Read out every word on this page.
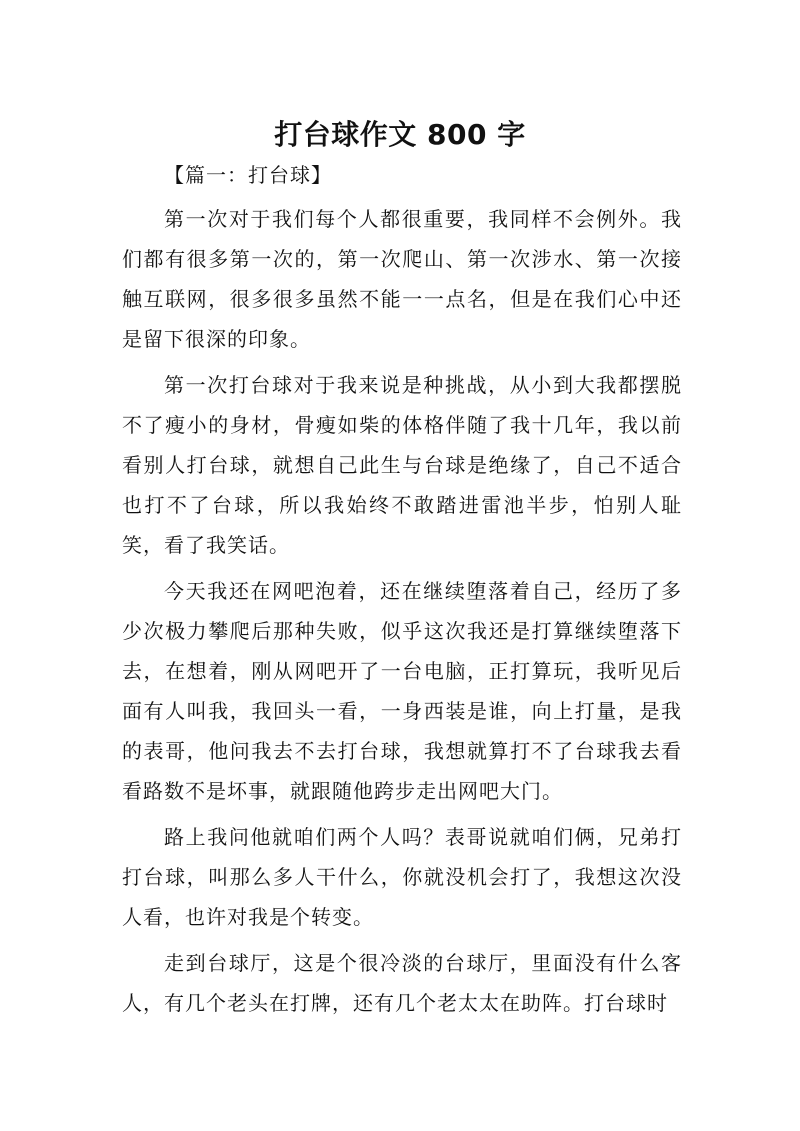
打台球作文 800 字

【篇一：打台球】

第一次对于我们每个人都很重要，我同样不会例外。我们都有很多第一次的，第一次爬山、第一次涉水、第一次接触互联网，很多很多虽然不能一一点名，但是在我们心中还是留下很深的印象。

第一次打台球对于我来说是种挑战，从小到大我都摆脱不了瘦小的身材，骨瘦如柴的体格伴随了我十几年，我以前看别人打台球，就想自己此生与台球是绝缘了，自己不适合也打不了台球，所以我始终不敢踏进雷池半步，怕别人耻笑，看了我笑话。

今天我还在网吧泡着，还在继续堕落着自己，经历了多少次极力攀爬后那种失败，似乎这次我还是打算继续堕落下去，在想着，刚从网吧开了一台电脑，正打算玩，我听见后面有人叫我，我回头一看，一身西装是谁，向上打量，是我的表哥，他问我去不去打台球，我想就算打不了台球我去看看路数不是坏事，就跟随他跨步走出网吧大门。

路上我问他就咱们两个人吗？表哥说就咱们俩，兄弟打打台球，叫那么多人干什么，你就没机会打了，我想这次没人看，也许对我是个转变。

走到台球厅，这是个很冷淡的台球厅，里面没有什么客人，有几个老头在打牌，还有几个老太太在助阵。打台球时
